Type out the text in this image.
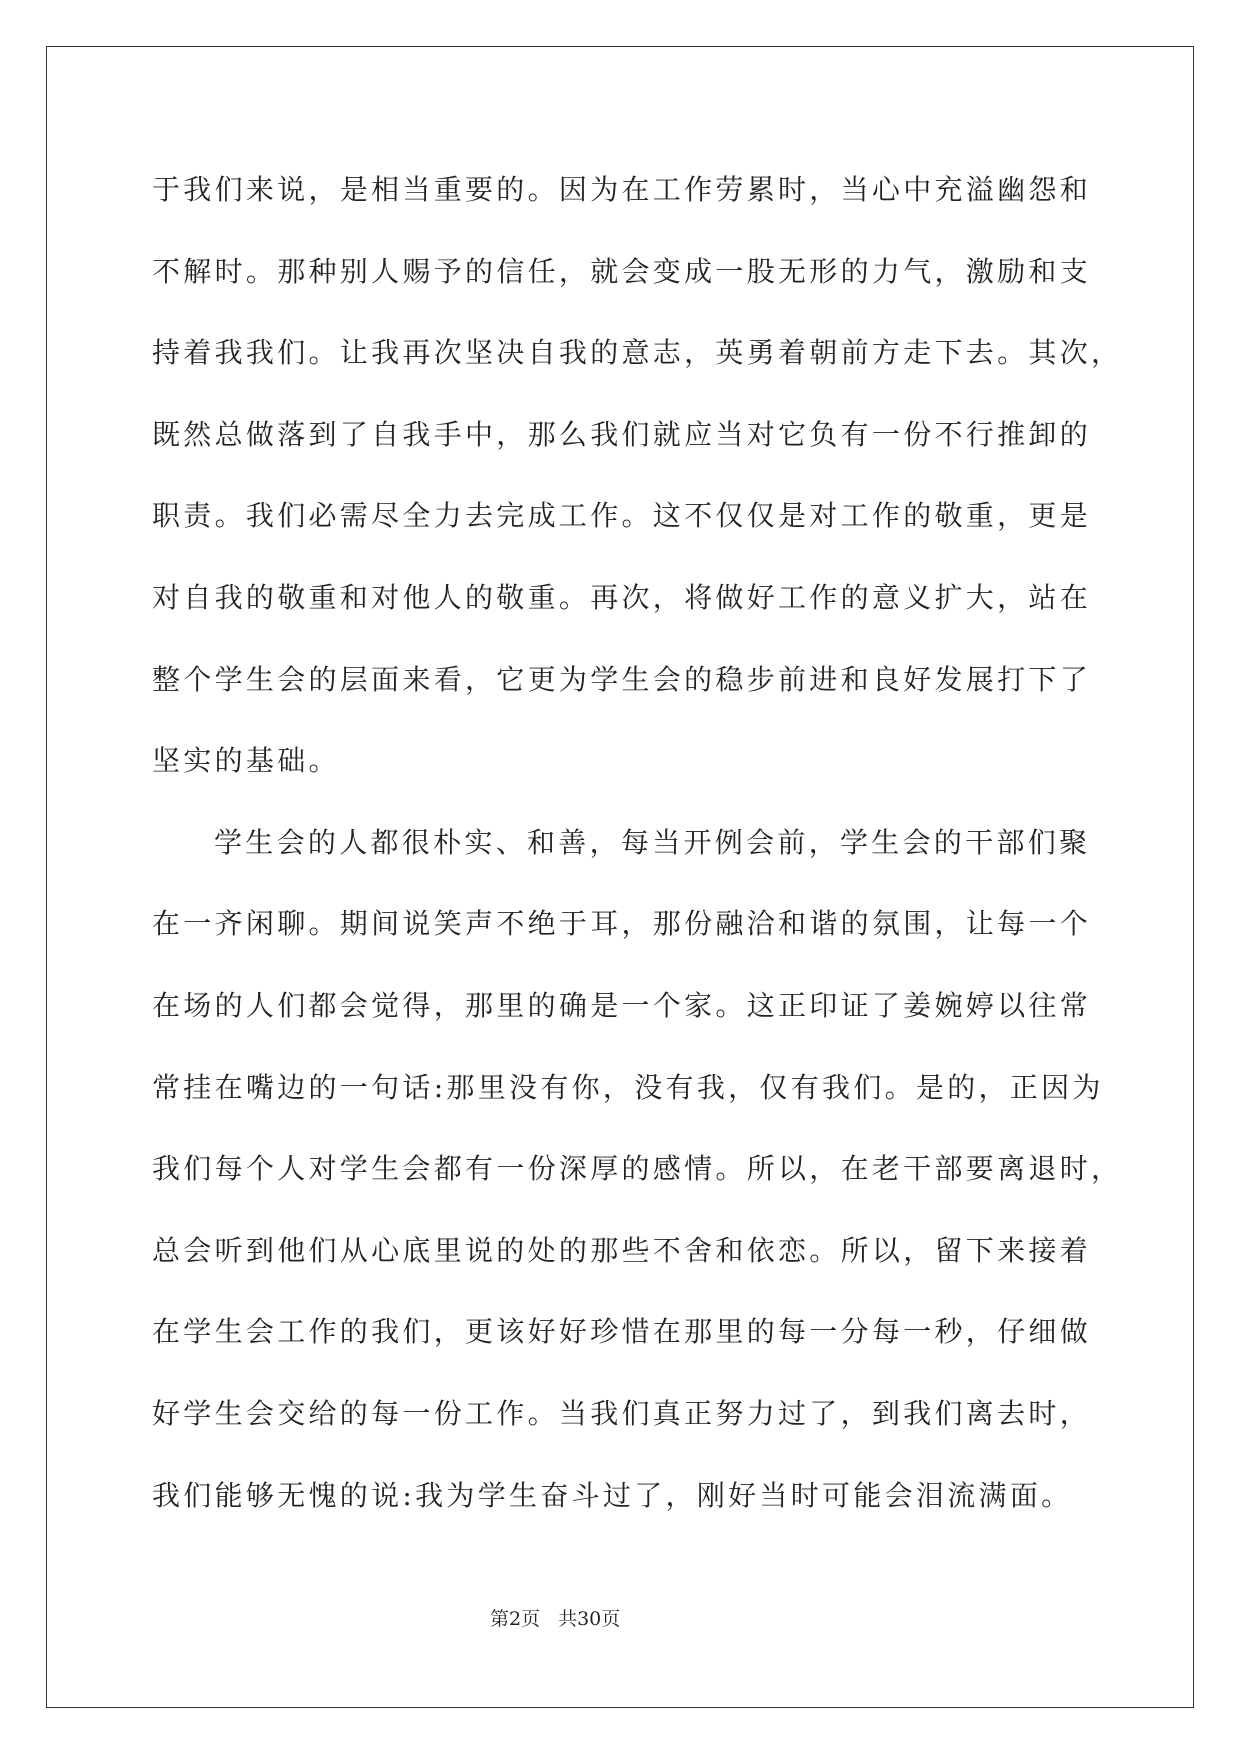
于我们来说，是相当重要的。因为在工作劳累时，当心中充溢幽怨和
不解时。那种别人赐予的信任，就会变成一股无形的力气，激励和支
持着我我们。让我再次坚决自我的意志，英勇着朝前方走下去。其次，
既然总做落到了自我手中，那么我们就应当对它负有一份不行推卸的
职责。我们必需尽全力去完成工作。这不仅仅是对工作的敬重，更是
对自我的敬重和对他人的敬重。再次，将做好工作的意义扩大，站在
整个学生会的层面来看，它更为学生会的稳步前进和良好发展打下了
坚实的基础。
学生会的人都很朴实、和善，每当开例会前，学生会的干部们聚
在一齐闲聊。期间说笑声不绝于耳，那份融洽和谐的氛围，让每一个
在场的人们都会觉得，那里的确是一个家。这正印证了姜婉婷以往常
常挂在嘴边的一句话:那里没有你，没有我，仅有我们。是的，正因为
我们每个人对学生会都有一份深厚的感情。所以，在老干部要离退时，
总会听到他们从心底里说的处的那些不舍和依恋。所以，留下来接着
在学生会工作的我们，更该好好珍惜在那里的每一分每一秒，仔细做
好学生会交给的每一份工作。当我们真正努力过了，到我们离去时，
我们能够无愧的说:我为学生奋斗过了，刚好当时可能会泪流满面。
第2页 共30页
